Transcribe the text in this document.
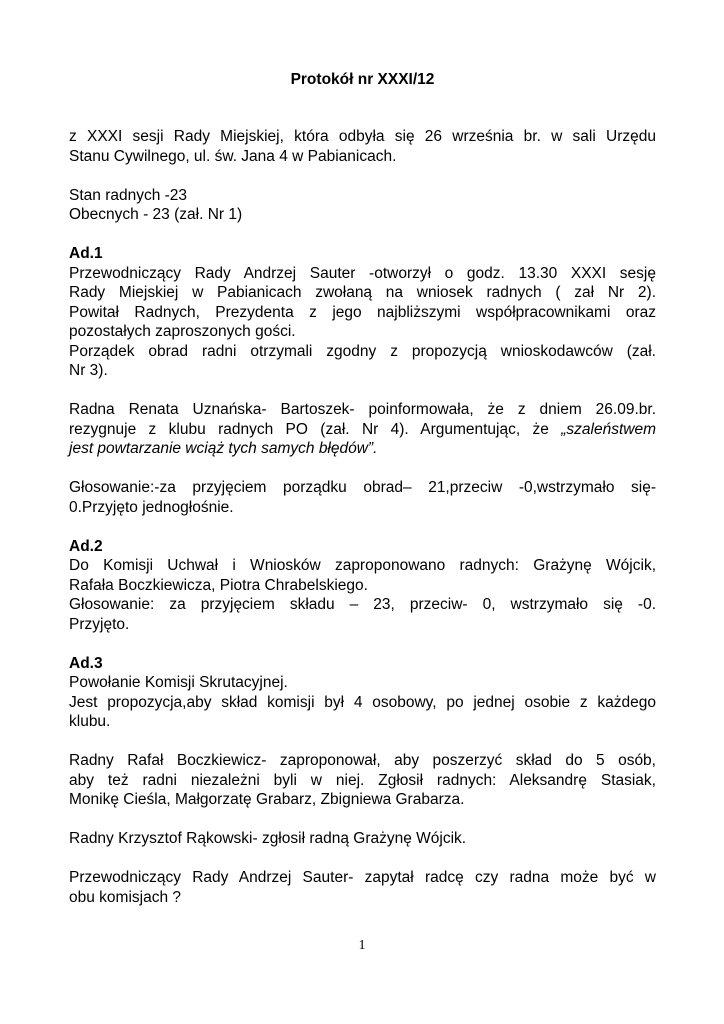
Protokół nr XXXI/12

z XXXI sesji Rady Miejskiej, która odbyła się 26 września br. w sali Urzędu
Stanu Cywilnego, ul. św. Jana 4 w Pabianicach.

Stan radnych -23
Obecnych - 23 (zał. Nr 1)

Ad.1
Przewodniczący Rady Andrzej Sauter -otworzył o godz. 13.30 XXXI sesję
Rady Miejskiej w Pabianicach zwołaną na wniosek radnych ( zał Nr 2).
Powitał Radnych, Prezydenta z jego najbliższymi współpracownikami oraz
pozostałych zaproszonych gości.
Porządek obrad radni otrzymali zgodny z propozycją wnioskodawców (zał.
Nr 3).

Radna Renata Uznańska- Bartoszek- poinformowała, że z dniem 26.09.br.
rezygnuje z klubu radnych PO (zał. Nr 4). Argumentując, że „szaleństwem
jest powtarzanie wciąż tych samych błędów”.

Głosowanie:-za przyjęciem porządku obrad– 21,przeciw -0,wstrzymało się-
0.Przyjęto jednogłośnie.

Ad.2
Do Komisji Uchwał i Wniosków zaproponowano radnych: Grażynę Wójcik,
Rafała Boczkiewicza, Piotra Chrabelskiego.
Głosowanie: za przyjęciem składu – 23, przeciw- 0, wstrzymało się -0.
Przyjęto.

Ad.3
Powołanie Komisji Skrutacyjnej.
Jest propozycja,aby skład komisji był 4 osobowy, po jednej osobie z każdego
klubu.

Radny Rafał Boczkiewicz- zaproponował, aby poszerzyć skład do 5 osób,
aby też radni niezależni byli w niej. Zgłosił radnych: Aleksandrę Stasiak,
Monikę Cieśla, Małgorzatę Grabarz, Zbigniewa Grabarza.

Radny Krzysztof Rąkowski- zgłosił radną Grażynę Wójcik.

Przewodniczący Rady Andrzej Sauter- zapytał radcę czy radna może być w
obu komisjach ?

1
